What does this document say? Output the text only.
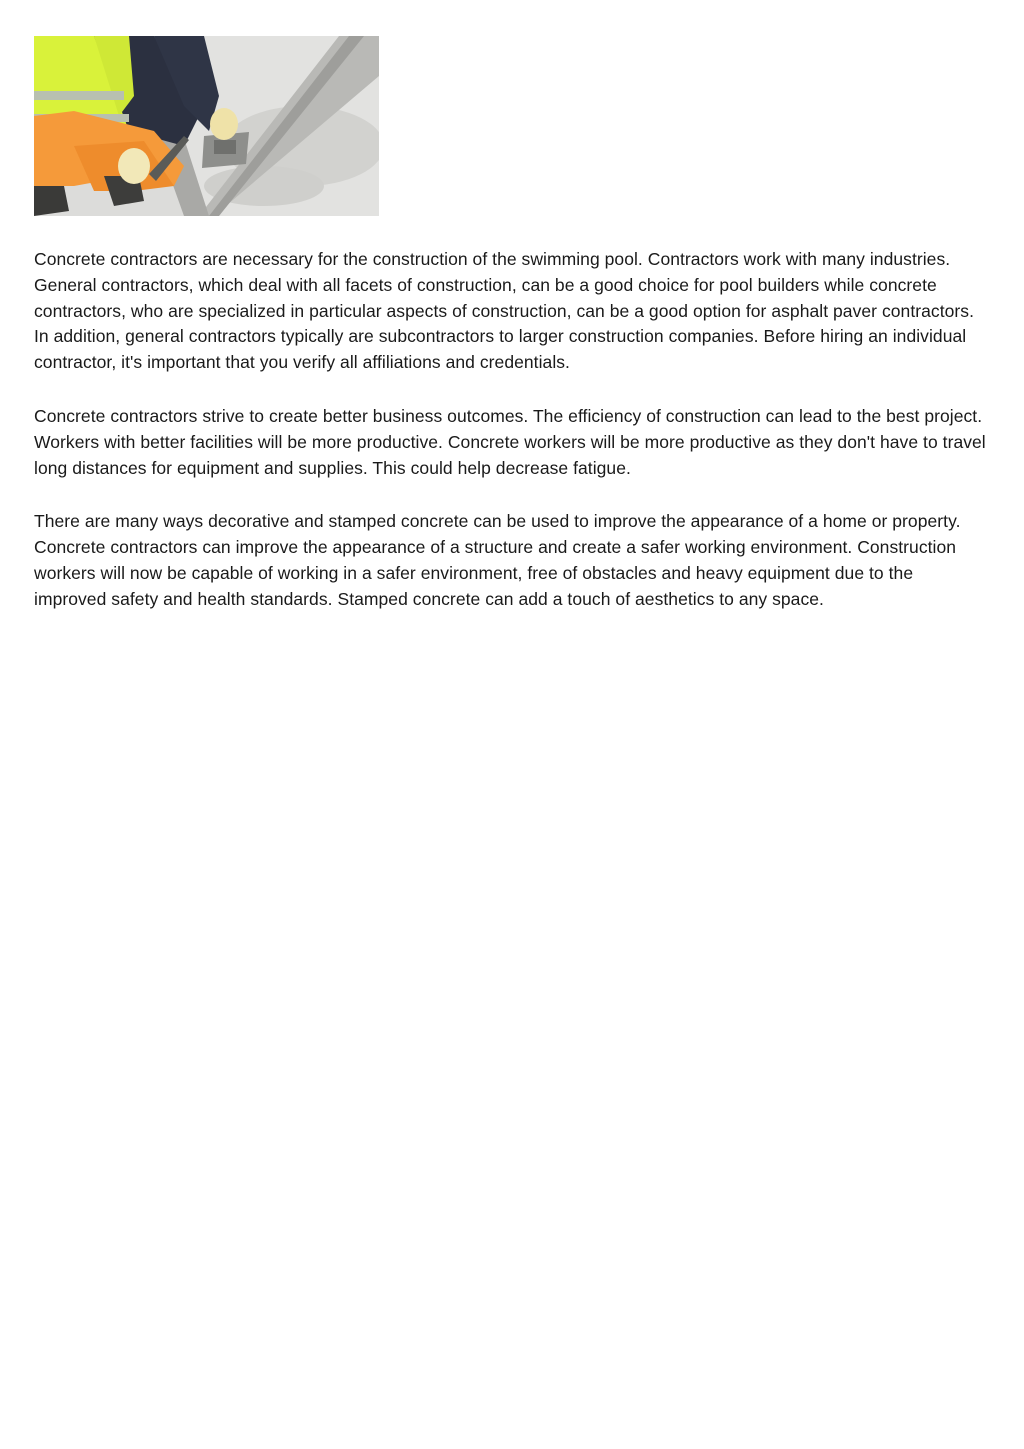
Concrete contractors are necessary for the construction of the swimming pool. Contractors work with many industries. General contractors, which deal with all facets of construction, can be a good choice for pool builders while concrete contractors, who are specialized in particular aspects of construction, can be a good option for asphalt paver contractors. In addition, general contractors typically are subcontractors to larger construction companies. Before hiring an individual contractor, it's important that you verify all affiliations and credentials.

Concrete contractors strive to create better business outcomes. The efficiency of construction can lead to the best project. Workers with better facilities will be more productive. Concrete workers will be more productive as they don't have to travel long distances for equipment and supplies. This could help decrease fatigue.

There are many ways decorative and stamped concrete can be used to improve the appearance of a home or property. Concrete contractors can improve the appearance of a structure and create a safer working environment. Construction workers will now be capable of working in a safer environment, free of obstacles and heavy equipment due to the improved safety and health standards. Stamped concrete can add a touch of aesthetics to any space.
